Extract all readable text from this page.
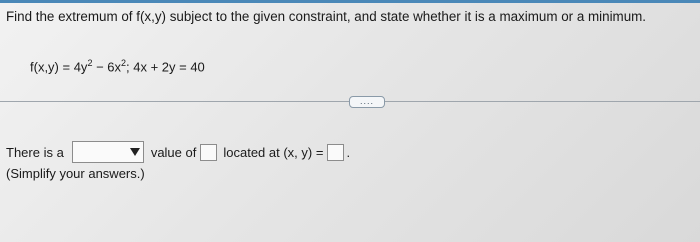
Find the extremum of f(x,y) subject to the given constraint, and state whether it is a maximum or a minimum.
$f(x,y) = 4y^2 - 6x^2$; 4x + 2y = 40
....
There is a	value of located at (x, y) = .
(Simplify your answers.)
